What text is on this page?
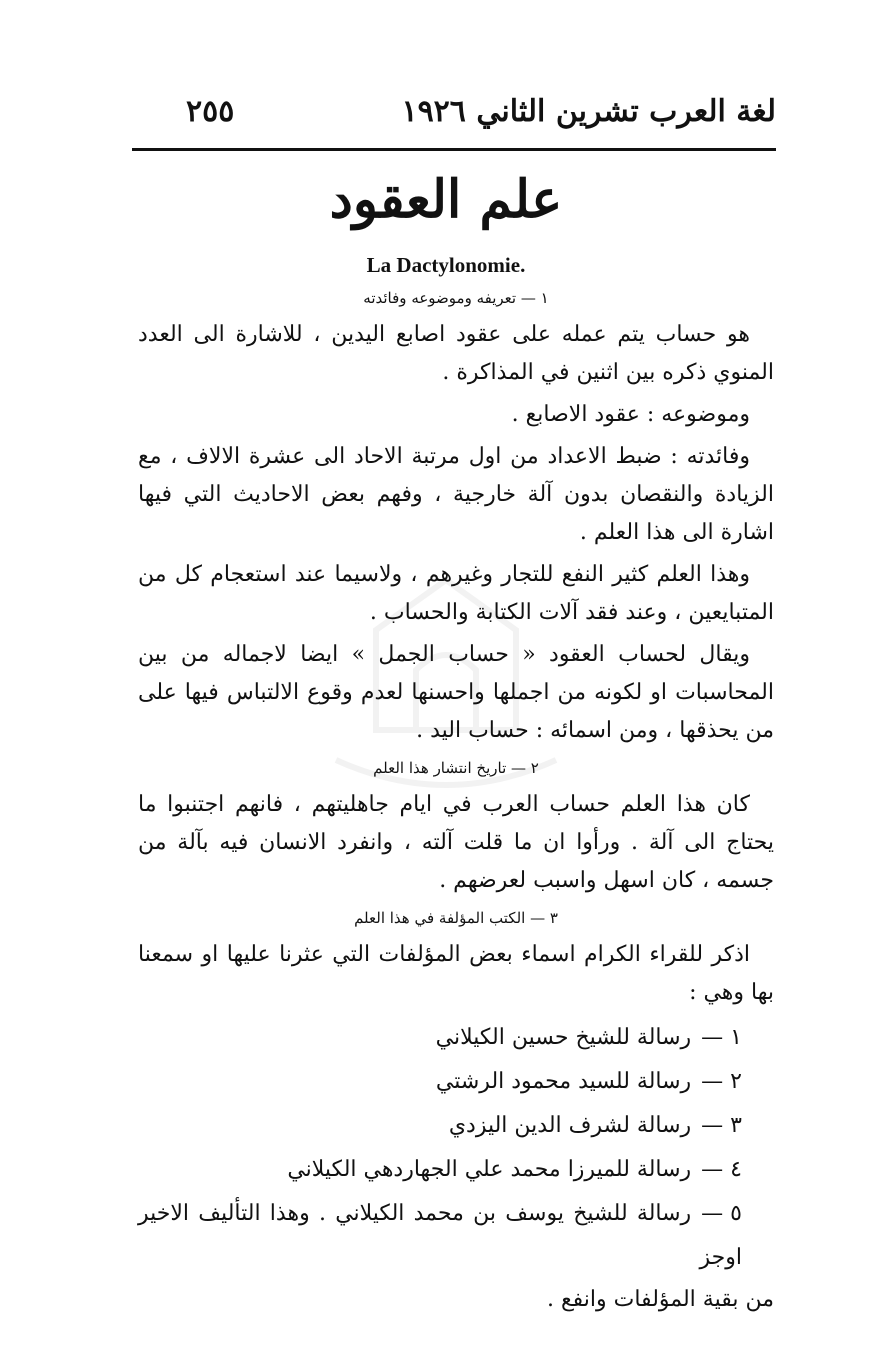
لغة العرب تشرين الثاني ١٩٢٦
٢٥٥
علم العقود
La Dactylonomie.

١ — تعريفه وموضوعه وفائدته

هو حساب يتم عمله على عقود اصابع اليدين ، للاشارة الى العدد المنوي ذكره بين اثنين في المذاكرة .

وموضوعه : عقود الاصابع .

وفائدته : ضبط الاعداد من اول مرتبة الاحاد الى عشرة الالاف ، مع الزيادة والنقصان بدون آلة خارجية ، وفهم بعض الاحاديث التي فيها اشارة الى هذا العلم .

وهذا العلم كثير النفع للتجار وغيرهم ، ولاسيما عند استعجام كل من المتبايعين ، وعند فقد آلات الكتابة والحساب .

ويقال لحساب العقود « حساب الجمل » ايضا لاجماله من بين المحاسبات او لكونه من اجملها واحسنها لعدم وقوع الالتباس فيها على من يحذقها ، ومن اسمائه : حساب اليد .

٢ — تاريخ انتشار هذا العلم

كان هذا العلم حساب العرب في ايام جاهليتهم ، فانهم اجتنبوا ما يحتاج الى آلة . ورأوا ان ما قلت آلته ، وانفرد الانسان فيه بآلة من جسمه ، كان اسهل واسبب لعرضهم .

٣ — الكتب المؤلفة في هذا العلم

اذكر للقراء الكرام اسماء بعض المؤلفات التي عثرنا عليها او سمعنا بها وهي :

١ —رسالة للشيخ حسين الكيلاني
٢ —رسالة للسيد محمود الرشتي
٣ —رسالة لشرف الدين اليزدي
٤ —رسالة للميرزا محمد علي الجهاردهي الكيلاني
٥ —رسالة للشيخ يوسف بن محمد الكيلاني . وهذا التأليف الاخير اوجز

من بقية المؤلفات وانفع .
